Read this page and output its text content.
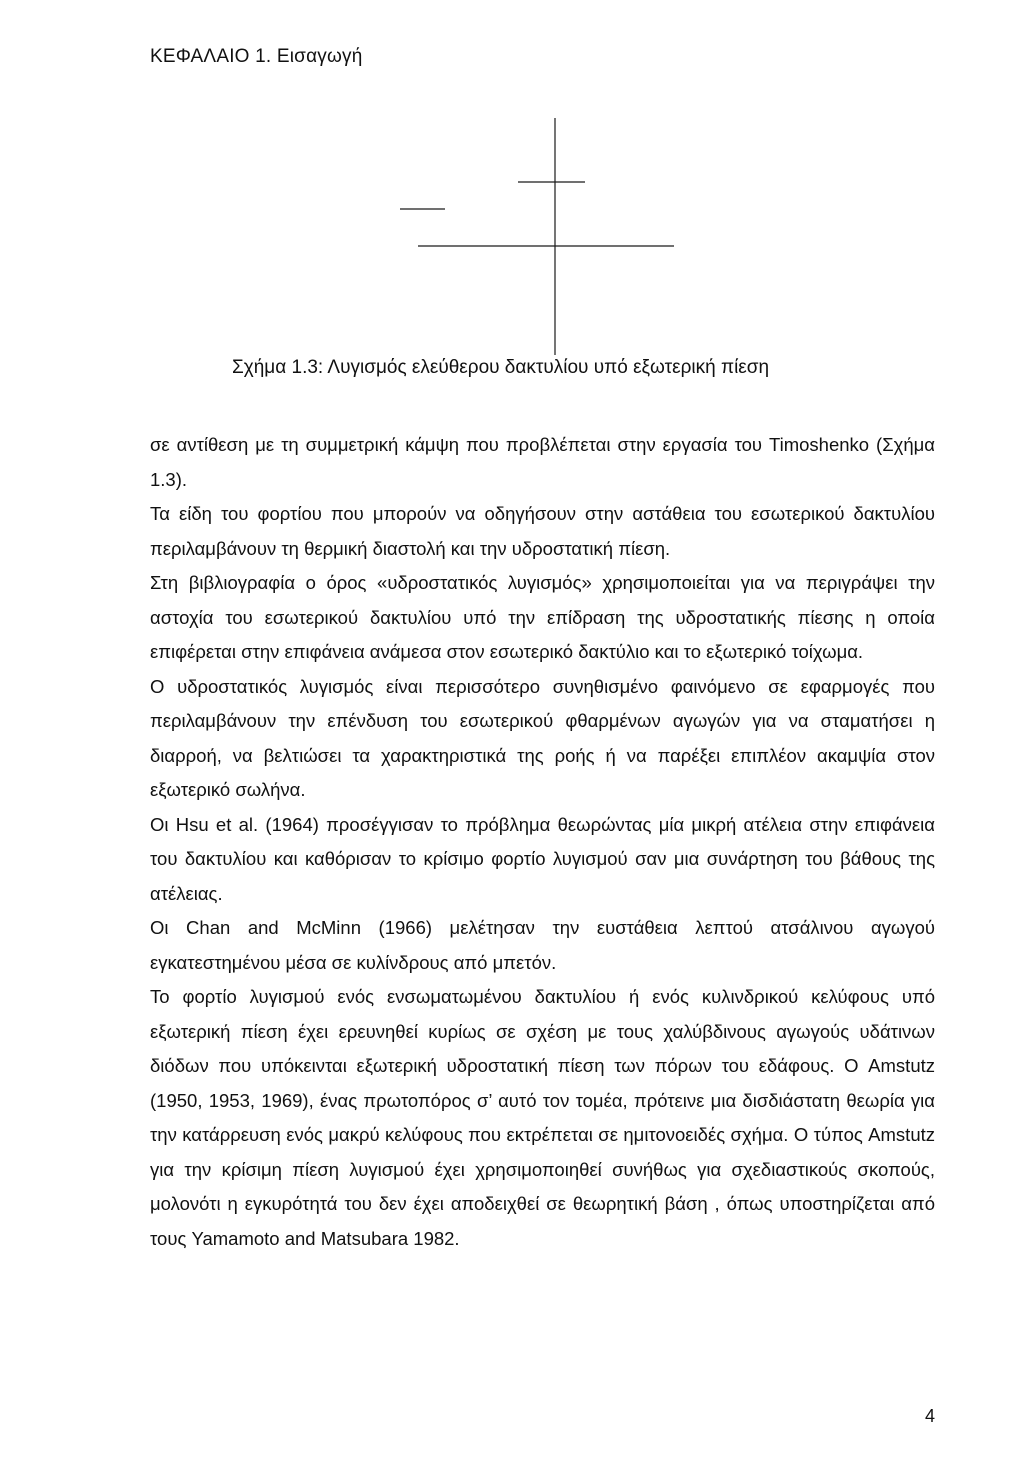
ΚΕΦΑΛΑΙΟ 1. Εισαγωγή
Σχήμα 1.3: Λυγισμός ελεύθερου δακτυλίου υπό εξωτερική πίεση

σε αντίθεση με τη συμμετρική κάμψη που προβλέπεται στην εργασία του Timoshenko (Σχήμα 1.3).

Τα είδη του φορτίου που μπορούν να οδηγήσουν στην αστάθεια του εσωτερικού δακτυλίου περιλαμβάνουν τη θερμική διαστολή και την υδροστατική πίεση.

Στη βιβλιογραφία ο όρος «υδροστατικός λυγισμός» χρησιμοποιείται για να περιγράψει την αστοχία του εσωτερικού δακτυλίου υπό την επίδραση της υδροστατικής πίεσης η οποία επιφέρεται στην επιφάνεια ανάμεσα στον εσωτερικό δακτύλιο και το εξωτερικό τοίχωμα.

Ο υδροστατικός λυγισμός είναι περισσότερο συνηθισμένο φαινόμενο σε εφαρμογές που περιλαμβάνουν την επένδυση του εσωτερικού φθαρμένων αγωγών για να σταματήσει η διαρροή, να βελτιώσει τα χαρακτηριστικά της ροής ή να παρέξει επιπλέον ακαμψία στον εξωτερικό σωλήνα.

Οι Hsu et al. (1964) προσέγγισαν το πρόβλημα θεωρώντας μία μικρή ατέλεια στην επιφάνεια του δακτυλίου και καθόρισαν το κρίσιμο φορτίο λυγισμού σαν μια συνάρτηση του βάθους της ατέλειας.

Οι Chan and McMinn (1966) μελέτησαν την ευστάθεια λεπτού ατσάλινου αγωγού εγκατεστημένου μέσα σε κυλίνδρους από μπετόν.

Το φορτίο λυγισμού ενός ενσωματωμένου δακτυλίου ή ενός κυλινδρικού κελύφους υπό εξωτερική πίεση έχει ερευνηθεί κυρίως σε σχέση με τους χαλύβδινους αγωγούς υδάτινων διόδων που υπόκεινται εξωτερική υδροστατική πίεση των πόρων του εδάφους. Ο Amstutz (1950, 1953, 1969), ένας πρωτοπόρος σ’ αυτό τον τομέα, πρότεινε μια δισδιάστατη θεωρία για την κατάρρευση ενός μακρύ κελύφους που εκτρέπεται σε ημιτονοειδές σχήμα. Ο τύπος Amstutz για την κρίσιμη πίεση λυγισμού έχει χρησιμοποιηθεί συνήθως για σχεδιαστικούς σκοπούς, μολονότι η εγκυρότητά του δεν έχει αποδειχθεί σε θεωρητική βάση , όπως υποστηρίζεται από τους Yamamoto and Matsubara 1982.

4
